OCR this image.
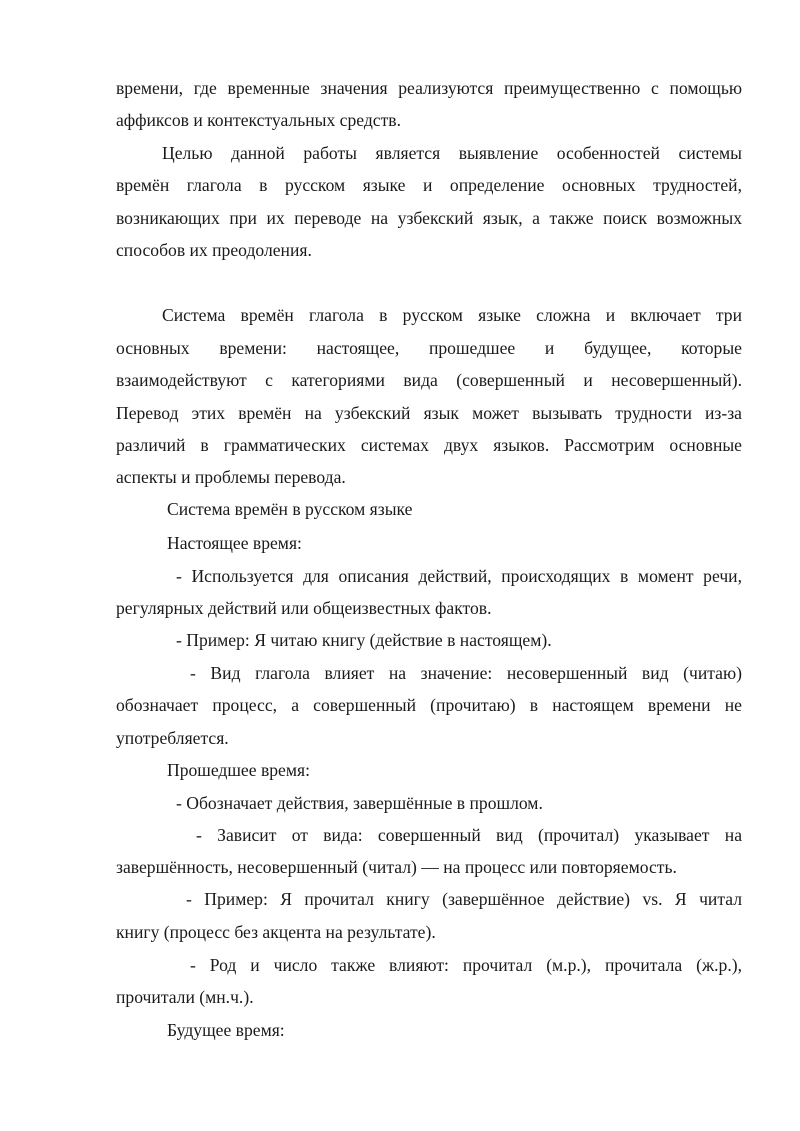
времени, где временные значения реализуются преимущественно с помощью
аффиксов и контекстуальных средств.
Целью данной работы является выявление особенностей системы
времён глагола в русском языке и определение основных трудностей,
возникающих при их переводе на узбекский язык, а также поиск возможных
способов их преодоления.
Система времён глагола в русском языке сложна и включает три
основных времени: настоящее, прошедшее и будущее, которые
взаимодействуют с категориями вида (совершенный и несовершенный).
Перевод этих времён на узбекский язык может вызывать трудности из-за
различий в грамматических системах двух языков. Рассмотрим основные
аспекты и проблемы перевода.
Система времён в русском языке
Настоящее время:
- Используется для описания действий, происходящих в момент речи,
регулярных действий или общеизвестных фактов.
- Пример: Я читаю книгу (действие в настоящем).
- Вид глагола влияет на значение: несовершенный вид (читаю)
обозначает процесс, а совершенный (прочитаю) в настоящем времени не
употребляется.
Прошедшее время:
- Обозначает действия, завершённые в прошлом.
- Зависит от вида: совершенный вид (прочитал) указывает на
завершённость, несовершенный (читал) — на процесс или повторяемость.
- Пример: Я прочитал книгу (завершённое действие) vs. Я читал
книгу (процесс без акцента на результате).
- Род и число также влияют: прочитал (м.р.), прочитала (ж.р.),
прочитали (мн.ч.).
Будущее время:
